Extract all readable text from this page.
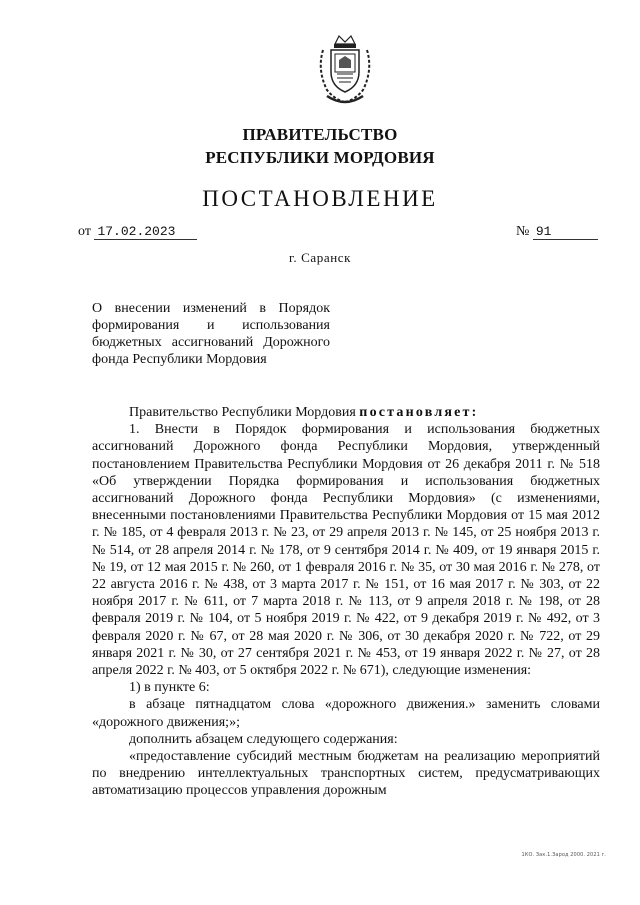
ПРАВИТЕЛЬСТВО
РЕСПУБЛИКИ МОРДОВИЯ
ПОСТАНОВЛЕНИЕ
от 17.02.2023	№ 91
г. Саранск
О внесении изменений в Порядок формирования и использования бюджетных ассигнований Дорожного фонда Республики Мордовия

Правительство Республики Мордовия постановляет:

1. Внести в Порядок формирования и использования бюджетных ассигнований Дорожного фонда Республики Мордовия, утвержденный постановлением Правительства Республики Мордовия от 26 декабря 2011 г. № 518 «Об утверждении Порядка формирования и использования бюджетных ассигнований Дорожного фонда Республики Мордовия» (с изменениями, внесенными постановлениями Правительства Республики Мордовия от 15 мая 2012 г. № 185, от 4 февраля 2013 г. № 23, от 29 апреля 2013 г. № 145, от 25 ноября 2013 г. № 514, от 28 апреля 2014 г. № 178, от 9 сентября 2014 г. № 409, от 19 января 2015 г. № 19, от 12 мая 2015 г. № 260, от 1 февраля 2016 г. № 35, от 30 мая 2016 г. № 278, от 22 августа 2016 г. № 438, от 3 марта 2017 г. № 151, от 16 мая 2017 г. № 303, от 22 ноября 2017 г. № 611, от 7 марта 2018 г. № 113, от 9 апреля 2018 г. № 198, от 28 февраля 2019 г. № 104, от 5 ноября 2019 г. № 422, от 9 декабря 2019 г. № 492, от 3 февраля 2020 г. № 67, от 28 мая 2020 г. № 306, от 30 декабря 2020 г. № 722, от 29 января 2021 г. № 30, от 27 сентября 2021 г. № 453, от 19 января 2022 г. № 27, от 28 апреля 2022 г. № 403, от 5 октября 2022 г. № 671), следующие изменения:

1) в пункте 6:

в абзаце пятнадцатом слова «дорожного движения.» заменить словами «дорожного движения;»;

дополнить абзацем следующего содержания:

«предоставление субсидий местным бюджетам на реализацию мероприятий по внедрению интеллектуальных транспортных систем, предусматривающих автоматизацию процессов управления дорожным

1КО. Зак.1.Зарод 2000. 2021 г.
